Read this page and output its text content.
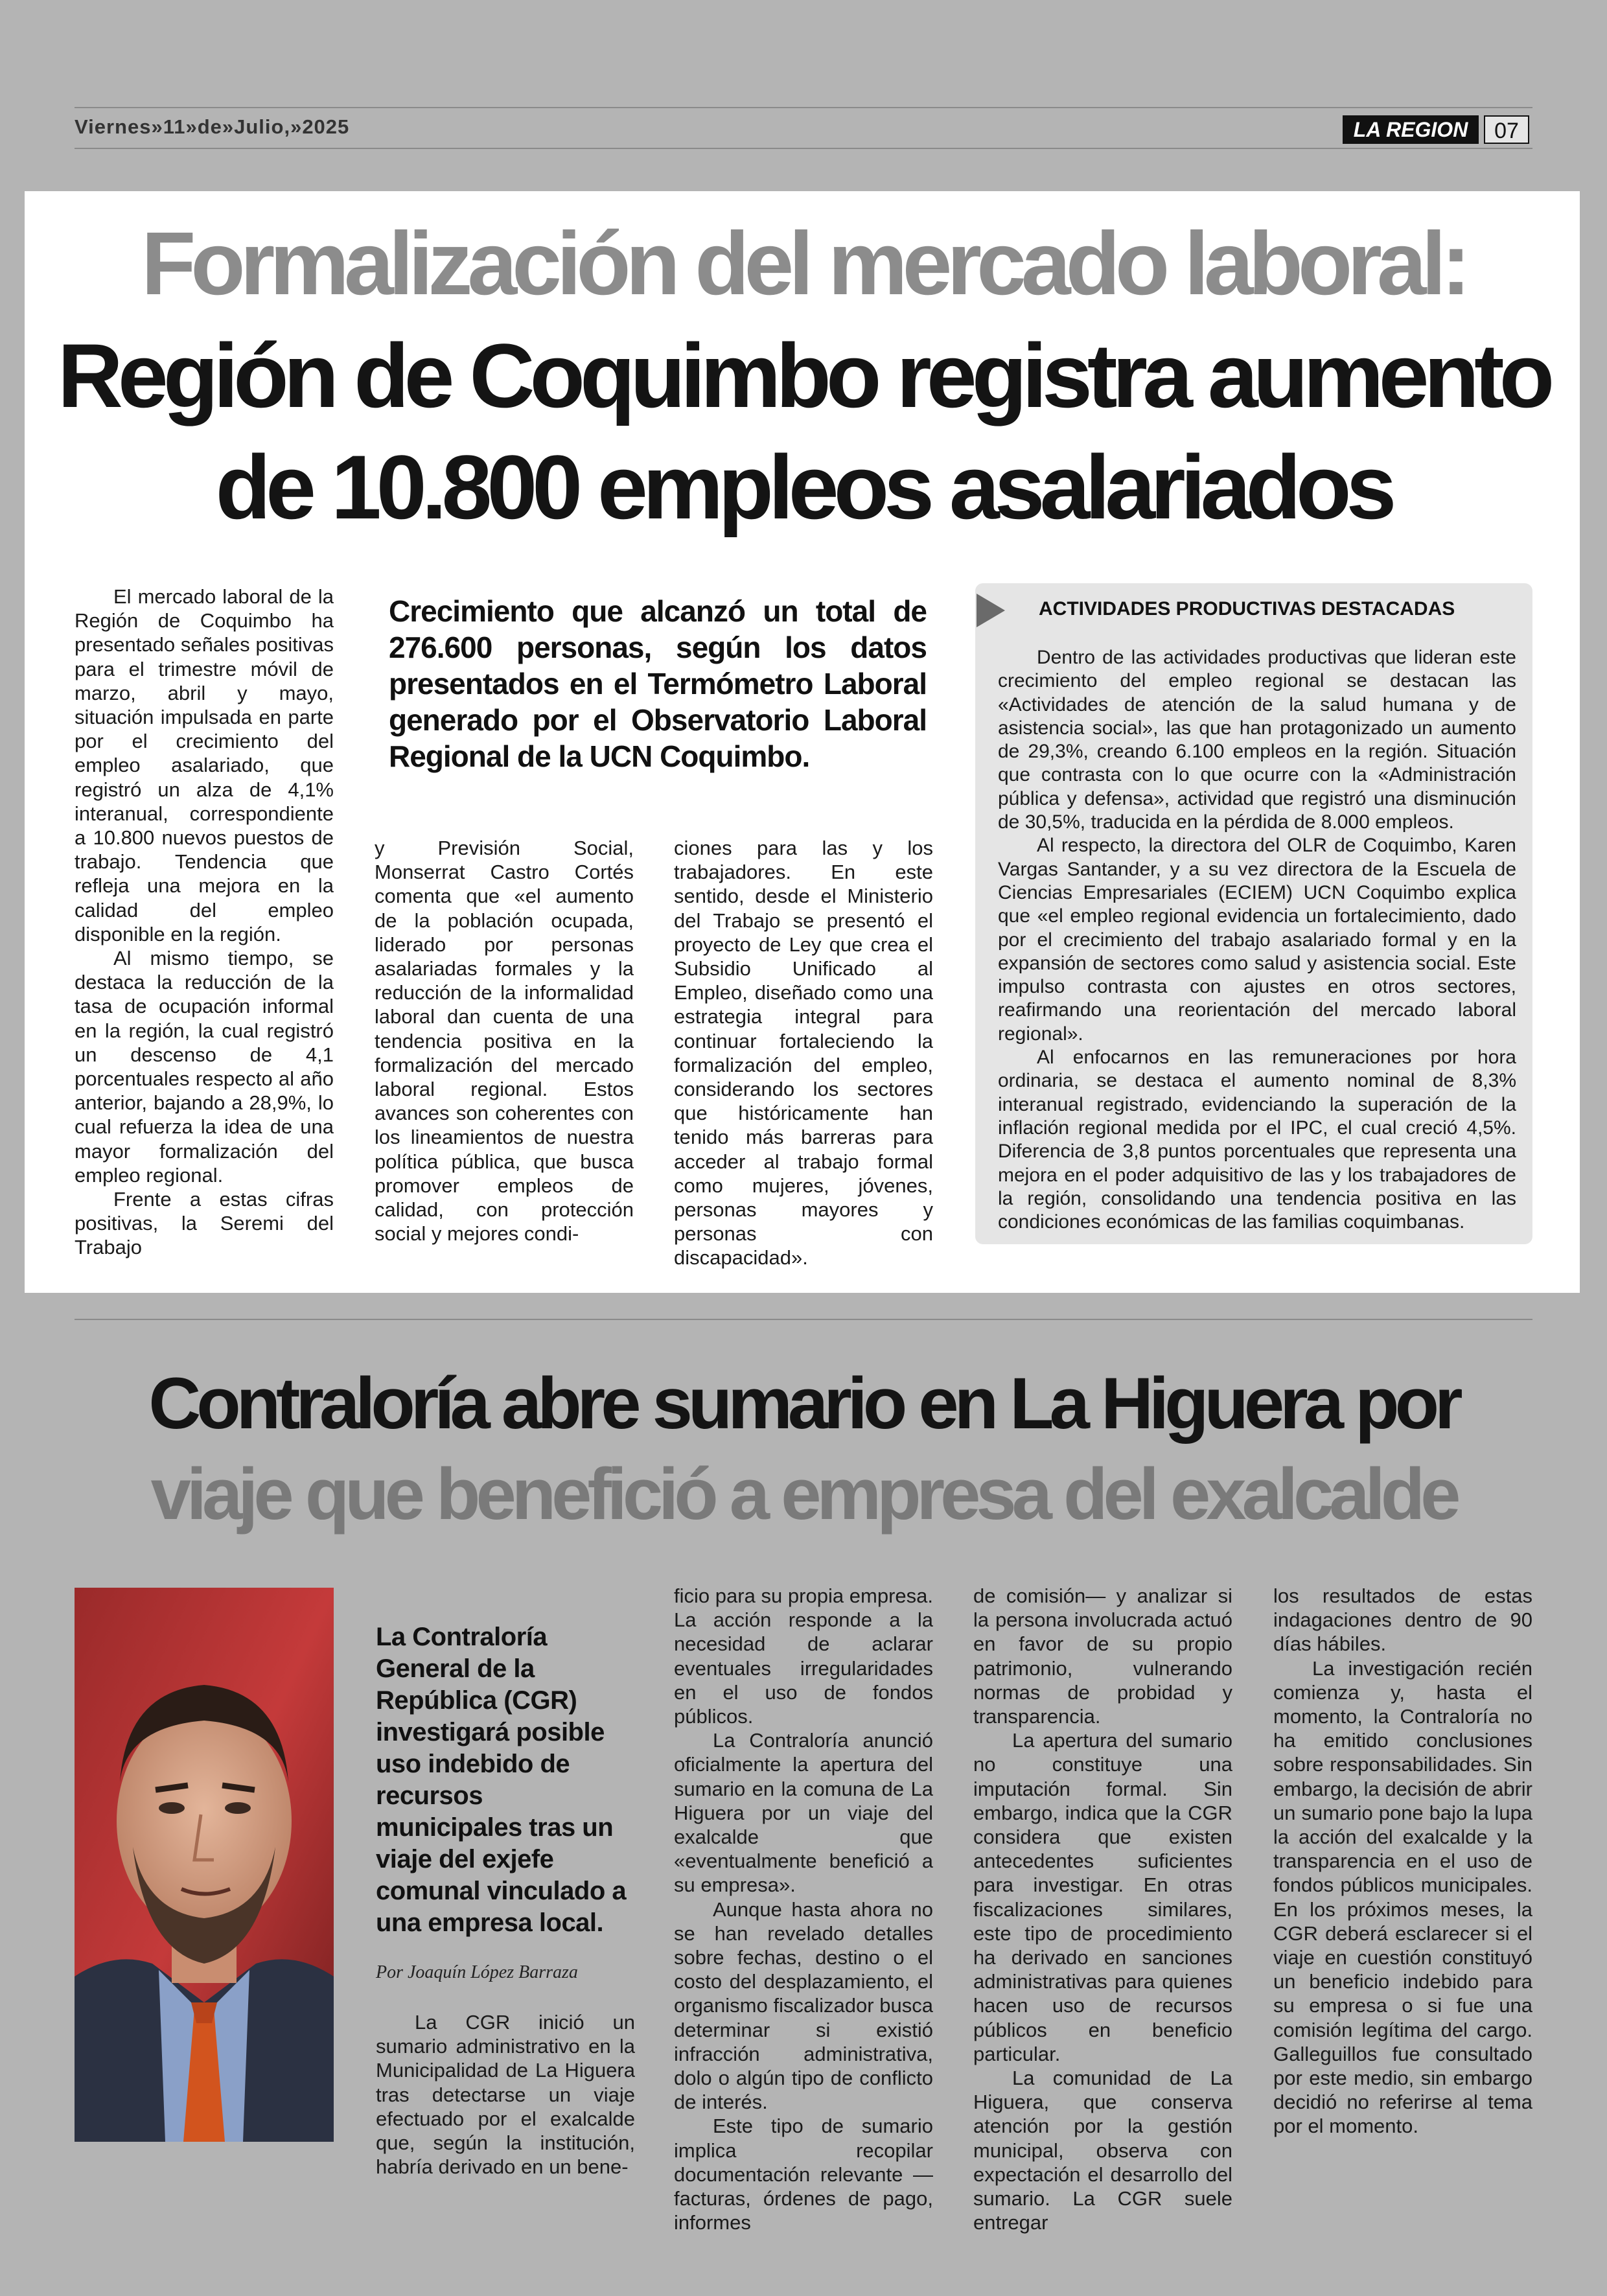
Viernes»11»de»Julio,»2025	LA REGION	07
Formalización del mercado laboral:
Región de Coquimbo registra aumento
de 10.800 empleos asalariados

El mercado laboral de la Región de Coquimbo ha presentado señales positivas para el trimestre móvil de marzo, abril y mayo, situación impulsada en parte por el crecimiento del empleo asalariado, que registró un alza de 4,1% interanual, correspondiente a 10.800 nuevos puestos de trabajo. Tendencia que refleja una mejora en la calidad del empleo disponible en la región.

Al mismo tiempo, se destaca la reducción de la tasa de ocupación informal en la región, la cual registró un descenso de 4,1 porcentuales respecto al año anterior, bajando a 28,9%, lo cual refuerza la idea de una mayor formalización del empleo regional.

Frente a estas cifras positivas, la Seremi del Trabajo

Crecimiento que alcanzó un total de 276.600 personas, según los datos presentados en el Termómetro Laboral generado por el Observatorio Laboral Regional de la UCN Coquimbo.

y Previsión Social, Monserrat Castro Cortés comenta que «el aumento de la población ocupada, liderado por personas asalariadas formales y la reducción de la informalidad laboral dan cuenta de una tendencia positiva en la formalización del mercado laboral regional. Estos avances son coherentes con los lineamientos de nuestra política pública, que busca promover empleos de calidad, con protección social y mejores condi-

ciones para las y los trabajadores. En este sentido, desde el Ministerio del Trabajo se presentó el proyecto de Ley que crea el Subsidio Unificado al Empleo, diseñado como una estrategia integral para continuar fortaleciendo la formalización del empleo, considerando los sectores que históricamente han tenido más barreras para acceder al trabajo formal como mujeres, jóvenes, personas mayores y personas con discapacidad».

ACTIVIDADES PRODUCTIVAS DESTACADAS

Dentro de las actividades productivas que lideran este crecimiento del empleo regional se destacan las «Actividades de atención de la salud humana y de asistencia social», las que han protagonizado un aumento de 29,3%, creando 6.100 empleos en la región. Situación que contrasta con lo que ocurre con la «Administración pública y defensa», actividad que registró una disminución de 30,5%, traducida en la pérdida de 8.000 empleos.

Al respecto, la directora del OLR de Coquimbo, Karen Vargas Santander, y a su vez directora de la Escuela de Ciencias Empresariales (ECIEM) UCN Coquimbo explica que «el empleo regional evidencia un fortalecimiento, dado por el crecimiento del trabajo asalariado formal y en la expansión de sectores como salud y asistencia social. Este impulso contrasta con ajustes en otros sectores, reafirmando una reorientación del mercado laboral regional».

Al enfocarnos en las remuneraciones por hora ordinaria, se destaca el aumento nominal de 8,3% interanual registrado, evidenciando la superación de la inflación regional medida por el IPC, el cual creció 4,5%. Diferencia de 3,8 puntos porcentuales que representa una mejora en el poder adquisitivo de las y los trabajadores de la región, consolidando una tendencia positiva en las condiciones económicas de las familias coquimbanas.

Contraloría abre sumario en La Higuera por
viaje que benefició a empresa del exalcalde
La Contraloría General de la República (CGR) investigará posible uso indebido de recursos municipales tras un viaje del exjefe comunal vinculado a una empresa local.
Por Joaquín López Barraza

La CGR inició un sumario administrativo en la Municipalidad de La Higuera tras detectarse un viaje efectuado por el exalcalde que, según la institución, habría derivado en un bene-

ficio para su propia empresa. La acción responde a la necesidad de aclarar eventuales irregularidades en el uso de fondos públicos.

La Contraloría anunció oficialmente la apertura del sumario en la comuna de La Higuera por un viaje del exalcalde que «eventualmente benefició a su empresa».

Aunque hasta ahora no se han revelado detalles sobre fechas, destino o el costo del desplazamiento, el organismo fiscalizador busca determinar si existió infracción administrativa, dolo o algún tipo de conflicto de interés.

Este tipo de sumario implica recopilar documentación relevante —facturas, órdenes de pago, informes

de comisión— y analizar si la persona involucrada actuó en favor de su propio patrimonio, vulnerando normas de probidad y transparencia.

La apertura del sumario no constituye una imputación formal. Sin embargo, indica que la CGR considera que existen antecedentes suficientes para investigar. En otras fiscalizaciones similares, este tipo de procedimiento ha derivado en sanciones administrativas para quienes hacen uso de recursos públicos en beneficio particular.

La comunidad de La Higuera, que conserva atención por la gestión municipal, observa con expectación el desarrollo del sumario. La CGR suele entregar

los resultados de estas indagaciones dentro de 90 días hábiles.

La investigación recién comienza y, hasta el momento, la Contraloría no ha emitido conclusiones sobre responsabilidades. Sin embargo, la decisión de abrir un sumario pone bajo la lupa la acción del exalcalde y la transparencia en el uso de fondos públicos municipales. En los próximos meses, la CGR deberá esclarecer si el viaje en cuestión constituyó un beneficio indebido para su empresa o si fue una comisión legítima del cargo. Galleguillos fue consultado por este medio, sin embargo decidió no referirse al tema por el momento.
